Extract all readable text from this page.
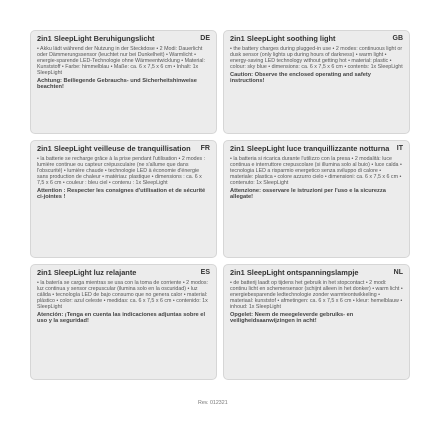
2in1 SleepLight Beruhigungslicht	DE
• Akku lädt während der Nutzung in der Steckdose • 2 Modi: Dauerlicht oder Dämmerungssensor (leuchtet nur bei Dunkelheit) • Warmlicht • energie-sparende LED-Technologie ohne Wärmeentwicklung • Material: Kunststoff • Farbe: himmelblau • Maße: ca. 6 x 7,5 x 6 cm • Inhalt: 1x SleepLight
Achtung: Beiliegende Gebrauchs- und Sicherheitshinweise beachten!
2in1 SleepLight soothing light	GB
• the battery charges during plugged-in use • 2 modes: continuous light or dusk sensor (only lights up during hours of darkness) • warm light • energy-saving LED technology without getting hot • material: plastic • colour: sky blue • dimensions: ca. 6 x 7,5 x 6 cm • contents: 1x SleepLight
Caution: Observe the enclosed operating and safety instructions!
2in1 SleepLight veilleuse de tranquillisation	FR
• la batterie se recharge grâce à la prise pendant l'utilisation • 2 modes : lumière continue ou capteur crépusculaire (ne s'allume que dans l'obscurité) • lumière chaude • technologie LED à économie d'énergie sans production de chaleur • matériau: plastique • dimensions : ca. 6 x 7,5 x 6 cm • couleur : bleu ciel • contenu : 1x SleepLight
Attention : Respecter les consignes d'utilisation et de sécurité ci-jointes !
2in1 SleepLight luce tranquillizzante notturna	IT
• la batteria si ricarica durante l'utilizzo con la presa • 2 modalità: luce continua e interruttore crepuscolare (si illumina solo al buio) • luce calda • tecnologia LED a risparmio energetico senza sviluppo di calore • materiale: plastica • colore azzurro cielo • dimensioni: ca. 6 x 7,5 x 6 cm • contenuto: 1x SleepLight
Attenzione: osservare le istruzioni per l'uso e la sicurezza allegate!
2in1 SleepLight luz relajante	ES
• la batería se carga mientras se usa con la toma de corriente • 2 modos: luz continua y sensor crepuscular (ilumina solo en la oscuridad) • luz cálida • tecnología LED de bajo consumo que no genera calor • material: plástico • color: azul celeste • medidas: ca. 6 x 7,5 x 6 cm • contenido: 1x SleepLight
Atención: ¡Tenga en cuenta las indicaciones adjuntas sobre el uso y la seguridad!
2in1 SleepLight ontspanningslampje	NL
• de batterij laadt op tijdens het gebruik in het stopcontact • 2 modi: continu licht en schemersensor (schijnt alleen in het donker) • warm licht • energiebesparende ledtechnologie zonder warmteontwikkeling • materiaal: kunststof • afmetingen: ca. 6 x 7,5 x 6 cm • kleur: hemelblauw • inhoud: 1x SleepLight
Opgelet: Neem de meegeleverde gebruiks- en veiligheidsaanwijzingen in acht!
Rev. 012321
